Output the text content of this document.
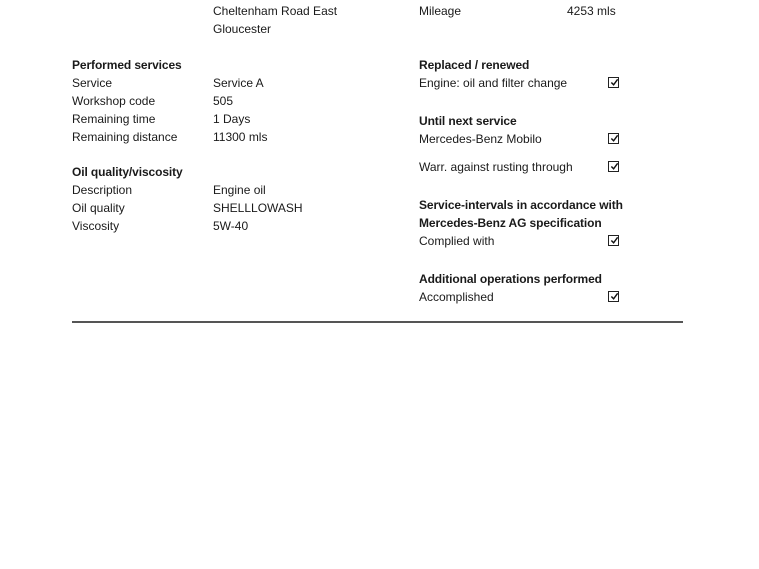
Cheltenham Road East
Gloucester
Mileage	4253 mls
Performed services
Service	Service A
Workshop code	505
Remaining time	1 Days
Remaining distance	11300 mls
Oil quality/viscosity
Description	Engine oil
Oil quality	SHELLLOWASH
Viscosity	5W-40
Replaced / renewed
Engine: oil and filter change
Until next service
Mercedes-Benz Mobilo
Warr. against rusting through
Service-intervals in accordance with
Mercedes-Benz AG specification
Complied with
Additional operations performed
Accomplished
